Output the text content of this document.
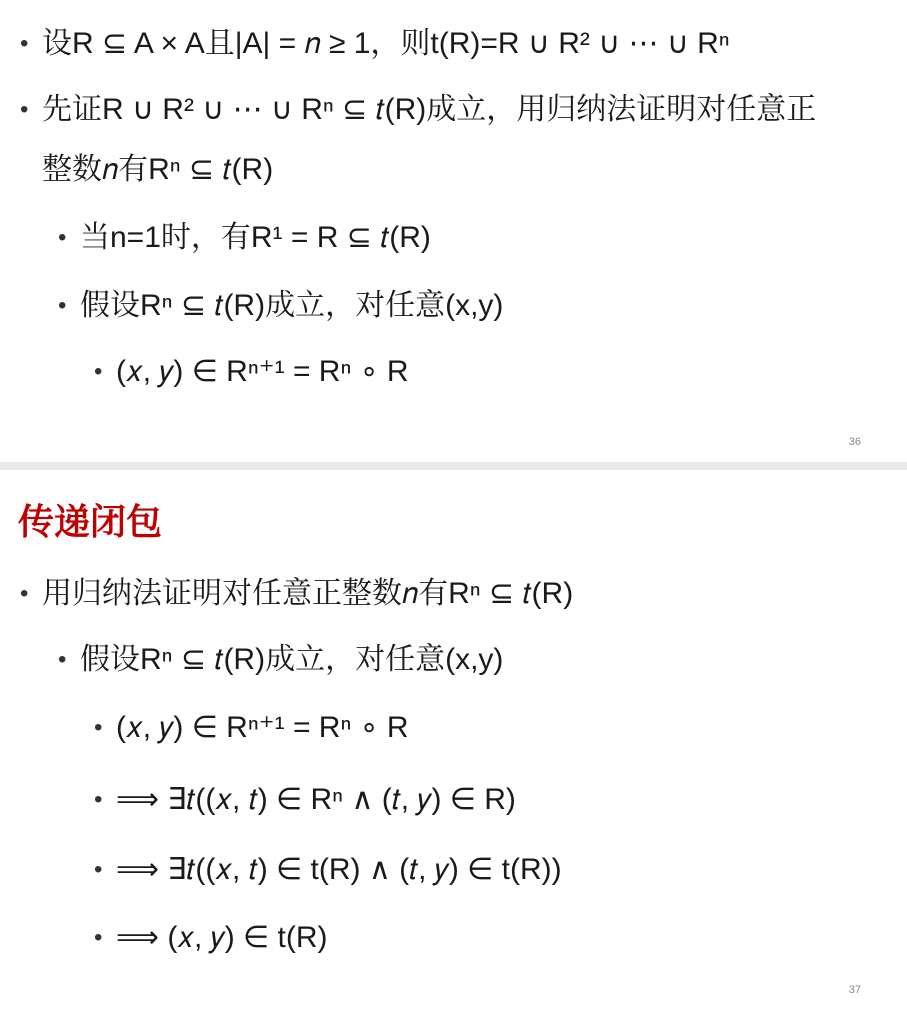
• 设R ⊆ A × A且|A| = 𝑛 ≥ 1，则t(R)=R ∪ R² ∪ ⋯ ∪ Rⁿ
• 先证R ∪ R² ∪ ⋯ ∪ Rⁿ ⊆ 𝑡(R)成立，用归纳法证明对任意正
整数𝑛有Rⁿ ⊆ 𝑡(R)
• 当n=1时，有R¹ = R ⊆ 𝑡(R)
• 假设Rⁿ ⊆ 𝑡(R)成立，对任意(x,y)
• (𝑥, 𝑦) ∈ Rⁿ⁺¹ = Rⁿ ∘ R
36
传递闭包
• 用归纳法证明对任意正整数𝑛有Rⁿ ⊆ 𝑡(R)
• 假设Rⁿ ⊆ 𝑡(R)成立，对任意(x,y)
• (𝑥, 𝑦) ∈ Rⁿ⁺¹ = Rⁿ ∘ R
• ⟹ ∃𝑡((𝑥, 𝑡) ∈ Rⁿ ∧ (𝑡, 𝑦) ∈ R)
• ⟹ ∃𝑡((𝑥, 𝑡) ∈ t(R) ∧ (𝑡, 𝑦) ∈ t(R))
• ⟹ (𝑥, 𝑦) ∈ t(R)
37
